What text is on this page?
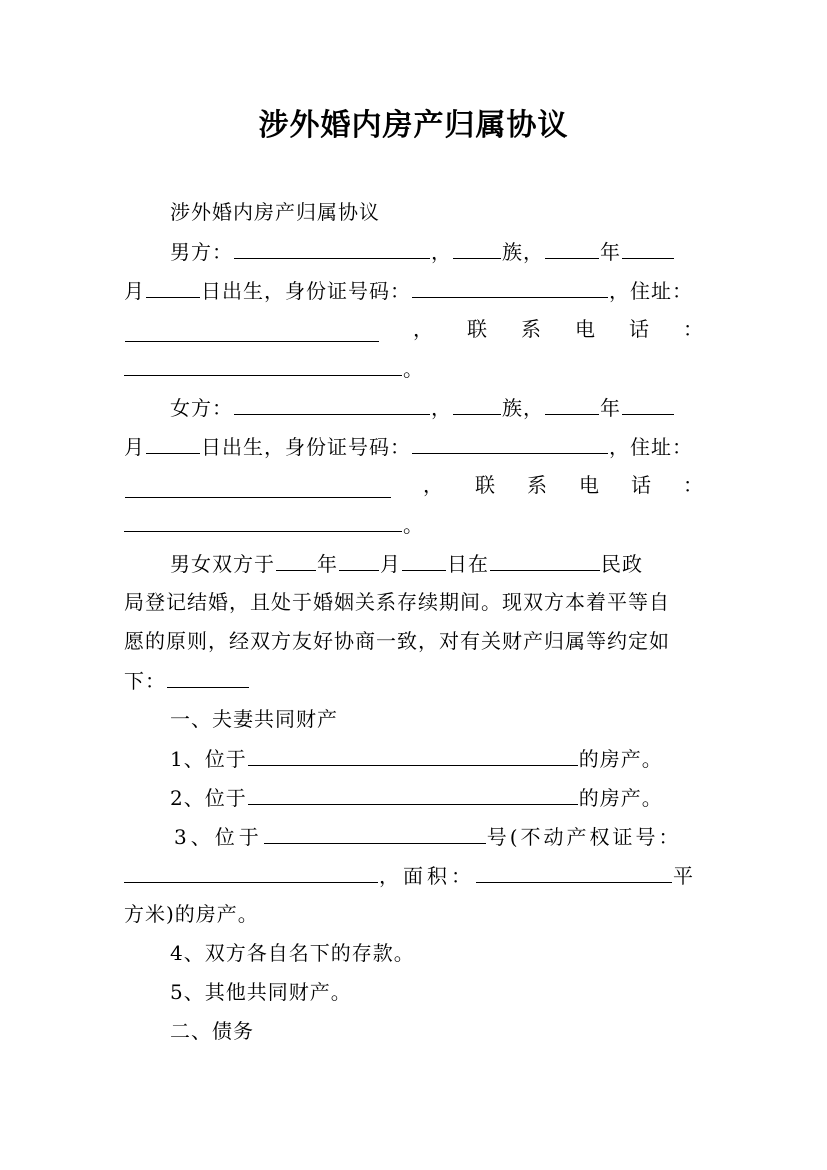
涉外婚内房产归属协议
涉外婚内房产归属协议
男方：	，	族，	年
月	日出生，身份证号码：	，住址：
， 联 系 电 话 ：
。
女方：	，	族，	年
月	日出生，身份证号码：	，住址：
， 联 系 电 话 ：
。
男女双方于 年 月 日在	民政
局登记结婚，且处于婚姻关系存续期间。现双方本着平等自
愿的原则，经双方友好协商一致，对有关财产归属等约定如
下：
一、夫妻共同财产
1、位于	的房产。
2、位于	的房产。
3、位于	号(不动产权证号：
，面积：	平
方米)的房产。
4、双方各自名下的存款。
5、其他共同财产。
二、债务
